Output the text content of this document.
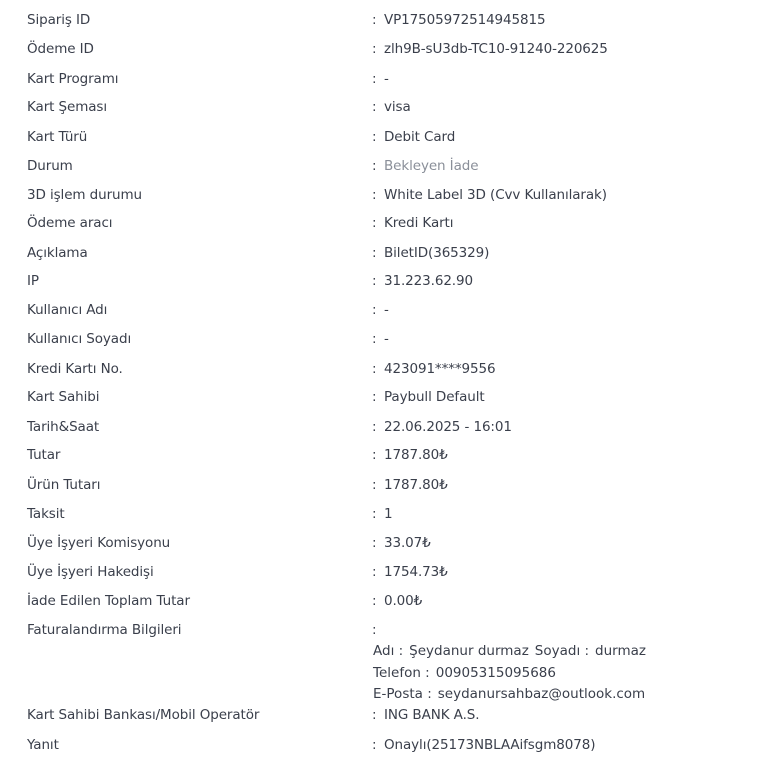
Sipariş ID	: VP17505972514945815
Ödeme ID	: zlh9B-sU3db-TC10-91240-220625
Kart Programı	: -
Kart Şeması	: visa
Kart Türü	: Debit Card
Durum	: Bekleyen İade
3D işlem durumu	: White Label 3D (Cvv Kullanılarak)
Ödeme aracı	: Kredi Kartı
Açıklama	: BiletID(365329)
IP	: 31.223.62.90
Kullanıcı Adı	: -
Kullanıcı Soyadı	: -
Kredi Kartı No.	: 423091****9556
Kart Sahibi	: Paybull Default
Tarih&Saat	: 22.06.2025 - 16:01
Tutar	: 1787.80₺
Ürün Tutarı	: 1787.80₺
Taksit	: 1
Üye İşyeri Komisyonu	: 33.07₺
Üye İşyeri Hakedişi	: 1754.73₺
İade Edilen Toplam Tutar	: 0.00₺
Faturalandırma Bilgileri	:
Adı : Şeydanur durmaz Soyadı : durmaz
Telefon : 00905315095686
E-Posta : seydanursahbaz@outlook.com
Kart Sahibi Bankası/Mobil Operatör	: ING BANK A.S.
Yanıt	: Onaylı(25173NBLAAifsgm8078)
